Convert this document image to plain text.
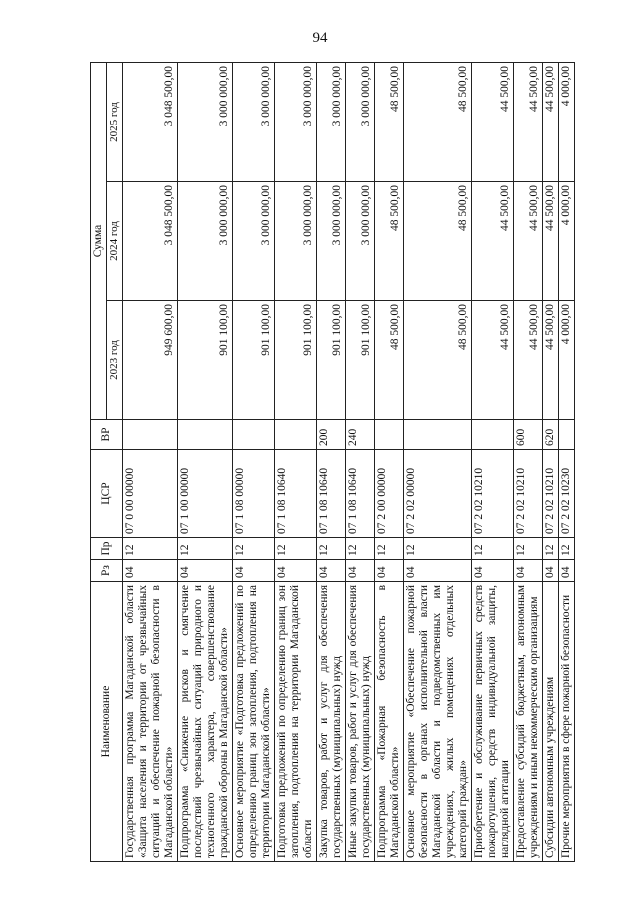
94
Наименование	Рз	Пр	ЦСР	ВР	Сумма		
					2023 год	2024 год	2025 год
Государственная программа Магаданской области «Защита населения и территории от чрезвычайных ситуаций и обеспечение пожарной безопасности в Магаданской области»	04	12	07 0 00 00000		949 600,00	3 048 500,00	3 048 500,00
Подпрограмма «Снижение рисков и смягчение последствий чрезвычайных ситуаций природного и техногенного характера, совершенствование гражданской обороны в Магаданской области»	04	12	07 1 00 00000		901 100,00	3 000 000,00	3 000 000,00
Основное мероприятие «Подготовка предложений по определению границ зон затопления, подтопления на территории Магаданской области»	04	12	07 1 08 00000		901 100,00	3 000 000,00	3 000 000,00
Подготовка предложений по определению границ зон затопления, подтопления на территории Магаданской области	04	12	07 1 08 10640		901 100,00	3 000 000,00	3 000 000,00
Закупка товаров, работ и услуг для обеспечения государственных (муниципальных) нужд	04	12	07 1 08 10640	200	901 100,00	3 000 000,00	3 000 000,00
Иные закупки товаров, работ и услуг для обеспечения государственных (муниципальных) нужд	04	12	07 1 08 10640	240	901 100,00	3 000 000,00	3 000 000,00
Подпрограмма «Пожарная безопасность в Магаданской области»	04	12	07 2 00 00000		48 500,00	48 500,00	48 500,00
Основное мероприятие «Обеспечение пожарной безопасности в органах исполнительной власти Магаданской области и подведомственных им учреждениях, жилых помещениях отдельных категорий граждан»	04	12	07 2 02 00000		48 500,00	48 500,00	48 500,00
Приобретение и обслуживание первичных средств пожаротушения, средств индивидуальной защиты, наглядной агитации	04	12	07 2 02 10210		44 500,00	44 500,00	44 500,00
Предоставление субсидий бюджетным, автономным учреждениям и иным некоммерческим организациям	04	12	07 2 02 10210	600	44 500,00	44 500,00	44 500,00
Субсидии автономным учреждениям	04	12	07 2 02 10210	620	44 500,00	44 500,00	44 500,00
Прочие мероприятия в сфере пожарной безопасности	04	12	07 2 02 10230		4 000,00	4 000,00	4 000,00
